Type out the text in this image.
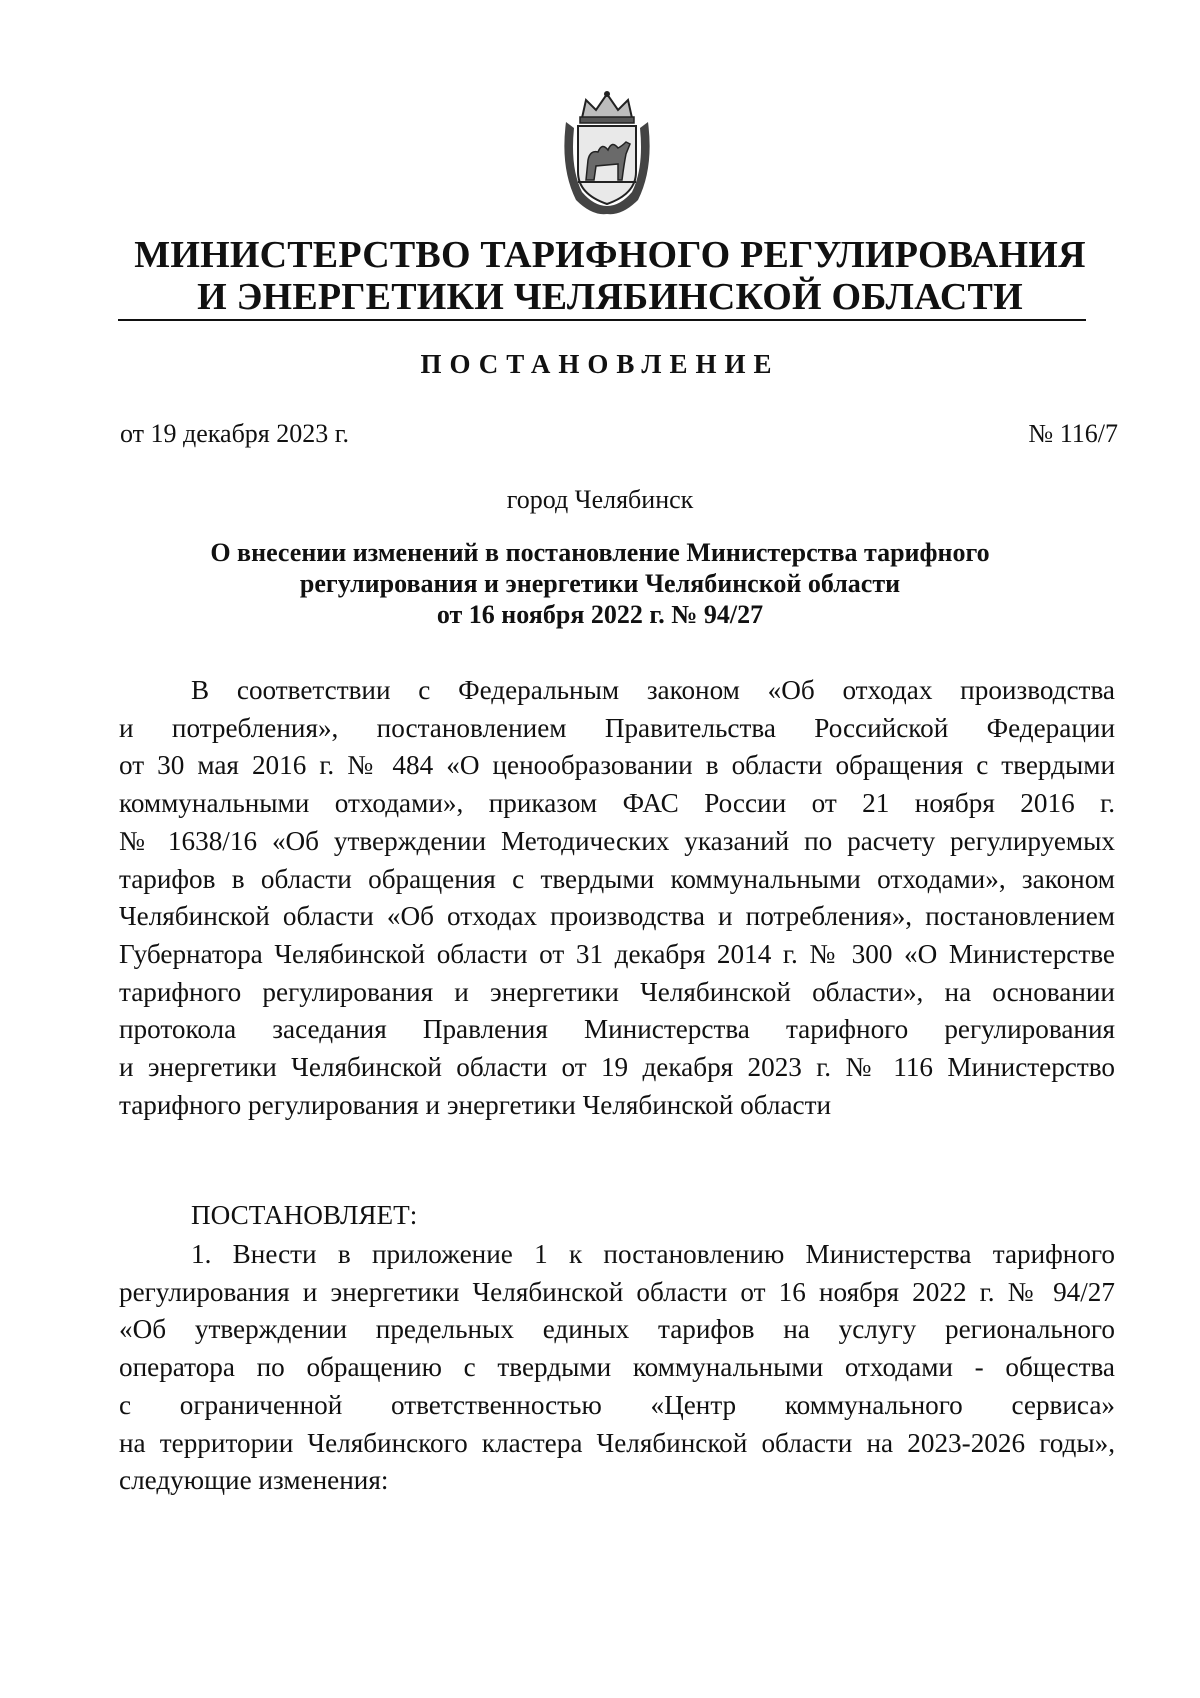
МИНИСТЕРСТВО ТАРИФНОГО РЕГУЛИРОВАНИЯ
И ЭНЕРГЕТИКИ ЧЕЛЯБИНСКОЙ ОБЛАСТИ
ПОСТАНОВЛЕНИЕ
от 19 декабря 2023 г.	№ 116/7
город Челябинск
О внесении изменений в постановление Министерства тарифного
регулирования и энергетики Челябинской области
от 16 ноября 2022 г. № 94/27
В соответствии с Федеральным законом «Об отходах производства
и потребления», постановлением Правительства Российской Федерации
от 30 мая 2016 г. № 484 «О ценообразовании в области обращения с твердыми
коммунальными отходами», приказом ФАС России от 21 ноября 2016 г.
№ 1638/16 «Об утверждении Методических указаний по расчету регулируемых
тарифов в области обращения с твердыми коммунальными отходами», законом
Челябинской области «Об отходах производства и потребления», постановлением
Губернатора Челябинской области от 31 декабря 2014 г. № 300 «О Министерстве
тарифного регулирования и энергетики Челябинской области», на основании
протокола заседания Правления Министерства тарифного регулирования
и энергетики Челябинской области от 19 декабря 2023 г. № 116 Министерство
тарифного регулирования и энергетики Челябинской области
ПОСТАНОВЛЯЕТ:
1. Внести в приложение 1 к постановлению Министерства тарифного
регулирования и энергетики Челябинской области от 16 ноября 2022 г. № 94/27
«Об утверждении предельных единых тарифов на услугу регионального
оператора по обращению с твердыми коммунальными отходами - общества
с ограниченной ответственностью «Центр коммунального сервиса»
на территории Челябинского кластера Челябинской области на 2023-2026 годы»,
следующие изменения:
